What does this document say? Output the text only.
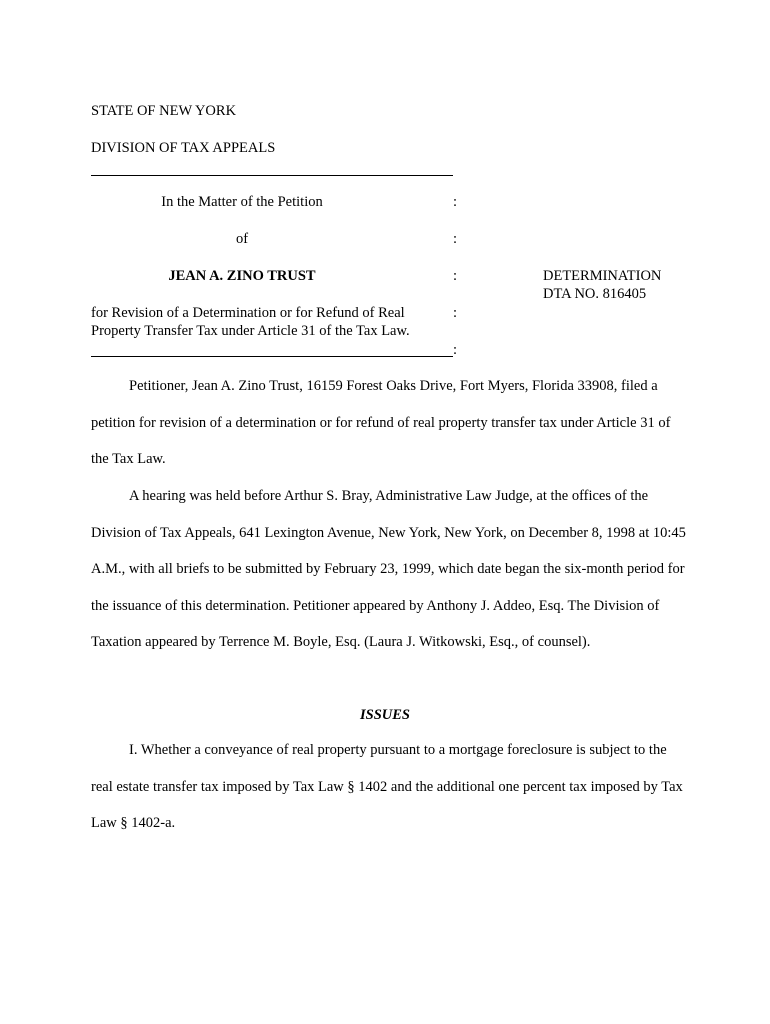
STATE OF NEW YORK
DIVISION OF TAX APPEALS
In the Matter of the Petition	:
of	:
JEAN A. ZINO TRUST	:	DETERMINATION
DTA NO. 816405
for Revision of a Determination or for Refund of Real	:
Property Transfer Tax under Article 31 of the Tax Law.
:

Petitioner, Jean A. Zino Trust, 16159 Forest Oaks Drive, Fort Myers, Florida 33908, filed a petition for revision of a determination or for refund of real property transfer tax under Article 31 of the Tax Law.

A hearing was held before Arthur S. Bray, Administrative Law Judge, at the offices of the Division of Tax Appeals, 641 Lexington Avenue, New York, New York, on December 8, 1998 at 10:45 A.M., with all briefs to be submitted by February 23, 1999, which date began the six-month period for the issuance of this determination. Petitioner appeared by Anthony J. Addeo, Esq. The Division of Taxation appeared by Terrence M. Boyle, Esq. (Laura J. Witkowski, Esq., of counsel).

ISSUES

I. Whether a conveyance of real property pursuant to a mortgage foreclosure is subject to the real estate transfer tax imposed by Tax Law § 1402 and the additional one percent tax imposed by Tax Law § 1402-a.
